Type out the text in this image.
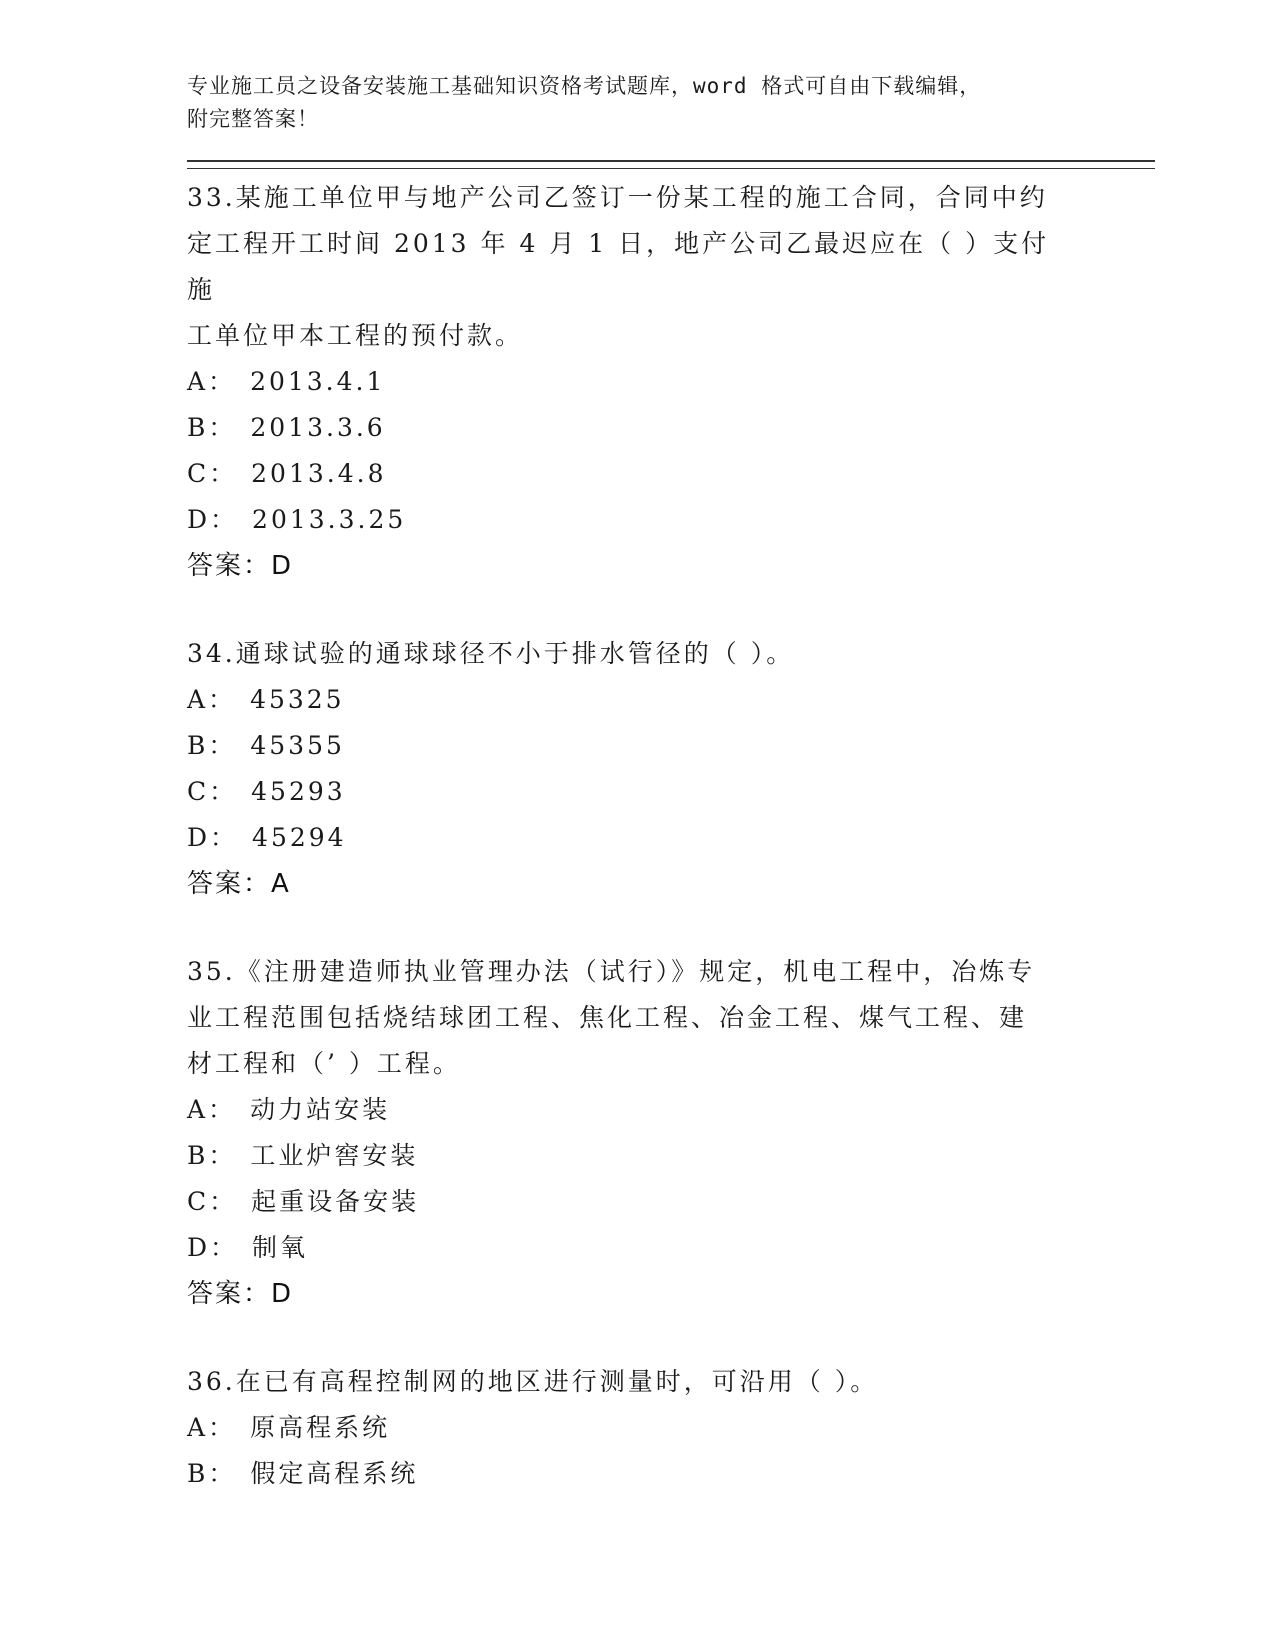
专业施工员之设备安装施工基础知识资格考试题库，word 格式可自由下载编辑，
附完整答案！
33.某施工单位甲与地产公司乙签订一份某工程的施工合同，合同中约
定工程开工时间 2013 年 4 月 1 日，地产公司乙最迟应在（ ）支付施
工单位甲本工程的预付款。
A： 2013.4.1
B： 2013.3.6
C： 2013.4.8
D： 2013.3.25
答案：D
34.通球试验的通球球径不小于排水管径的（ ）。
A： 45325
B： 45355
C： 45293
D： 45294
答案：A
35.《注册建造师执业管理办法（试行）》规定，机电工程中，冶炼专
业工程范围包括烧结球团工程、焦化工程、冶金工程、煤气工程、建
材工程和（’ ）工程。
A： 动力站安装
B： 工业炉窖安装
C： 起重设备安装
D： 制氧
答案：D
36.在已有高程控制网的地区进行测量时，可沿用（ ）。
A： 原高程系统
B： 假定高程系统
